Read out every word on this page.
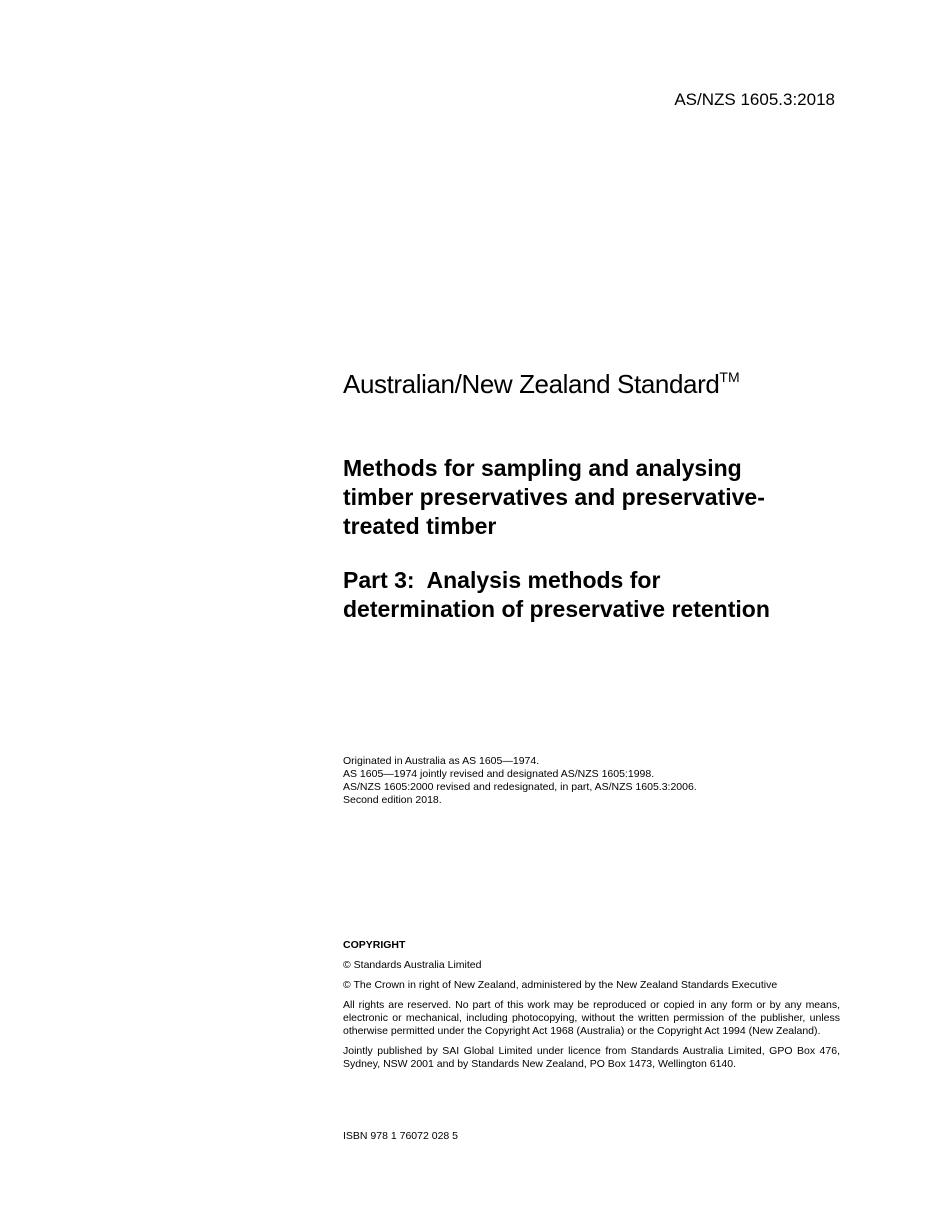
AS/NZS 1605.3:2018
Australian/New Zealand Standard™
Methods for sampling and analysing
timber preservatives and preservative-
treated timber
Part 3:  Analysis methods for
determination of preservative retention
Originated in Australia as AS 1605—1974.
AS 1605—1974 jointly revised and designated AS/NZS 1605:1998.
AS/NZS 1605:2000 revised and redesignated, in part, AS/NZS 1605.3:2006.
Second edition 2018.
COPYRIGHT
© Standards Australia Limited
© The Crown in right of New Zealand, administered by the New Zealand Standards Executive
All rights are reserved. No part of this work may be reproduced or copied in any form or by any means, electronic or mechanical, including photocopying, without the written permission of the publisher, unless otherwise permitted under the Copyright Act 1968 (Australia) or the Copyright Act 1994 (New Zealand).
Jointly published by SAI Global Limited under licence from Standards Australia Limited, GPO Box 476, Sydney, NSW 2001 and by Standards New Zealand, PO Box 1473, Wellington 6140.
ISBN 978 1 76072 028 5
